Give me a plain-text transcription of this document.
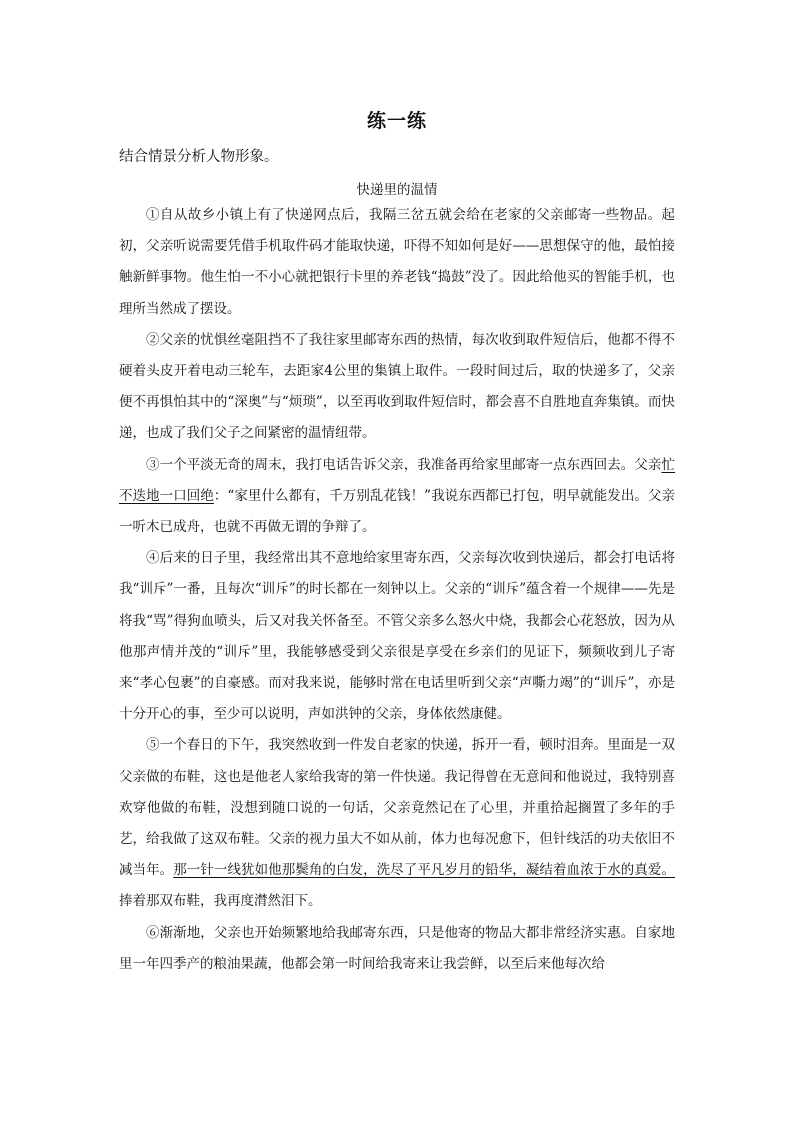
练一练
结合情景分析人物形象。
快递里的温情

①自从故乡小镇上有了快递网点后，我隔三岔五就会给在老家的父亲邮寄一些物品。起初，父亲听说需要凭借手机取件码才能取快递，吓得不知如何是好——思想保守的他，最怕接触新鲜事物。他生怕一不小心就把银行卡里的养老钱“捣鼓”没了。因此给他买的智能手机，也理所当然成了摆设。

②父亲的忧惧丝毫阻挡不了我往家里邮寄东西的热情，每次收到取件短信后，他都不得不硬着头皮开着电动三轮车，去距家4公里的集镇上取件。一段时间过后，取的快递多了，父亲便不再惧怕其中的“深奥”与“烦琐”，以至再收到取件短信时，都会喜不自胜地直奔集镇。而快递，也成了我们父子之间紧密的温情纽带。

③一个平淡无奇的周末，我打电话告诉父亲，我准备再给家里邮寄一点东西回去。父亲忙不迭地一口回绝：“家里什么都有，千万别乱花钱！”我说东西都已打包，明早就能发出。父亲一听木已成舟，也就不再做无谓的争辩了。

④后来的日子里，我经常出其不意地给家里寄东西，父亲每次收到快递后，都会打电话将我“训斥”一番，且每次“训斥”的时长都在一刻钟以上。父亲的“训斥”蕴含着一个规律——先是将我“骂”得狗血喷头，后又对我关怀备至。不管父亲多么怒火中烧，我都会心花怒放，因为从他那声情并茂的“训斥”里，我能够感受到父亲很是享受在乡亲们的见证下，频频收到儿子寄来“孝心包裹”的自豪感。而对我来说，能够时常在电话里听到父亲“声嘶力竭”的“训斥”，亦是十分开心的事，至少可以说明，声如洪钟的父亲，身体依然康健。

⑤一个春日的下午，我突然收到一件发自老家的快递，拆开一看，顿时泪奔。里面是一双父亲做的布鞋，这也是他老人家给我寄的第一件快递。我记得曾在无意间和他说过，我特别喜欢穿他做的布鞋，没想到随口说的一句话，父亲竟然记在了心里，并重拾起搁置了多年的手艺，给我做了这双布鞋。父亲的视力虽大不如从前，体力也每况愈下，但针线活的功夫依旧不减当年。那一针一线犹如他那鬓角的白发，洗尽了平凡岁月的铅华，凝结着血浓于水的真爱。捧着那双布鞋，我再度潸然泪下。

⑥渐渐地，父亲也开始频繁地给我邮寄东西，只是他寄的物品大都非常经济实惠。自家地里一年四季产的粮油果蔬，他都会第一时间给我寄来让我尝鲜，以至后来他每次给
